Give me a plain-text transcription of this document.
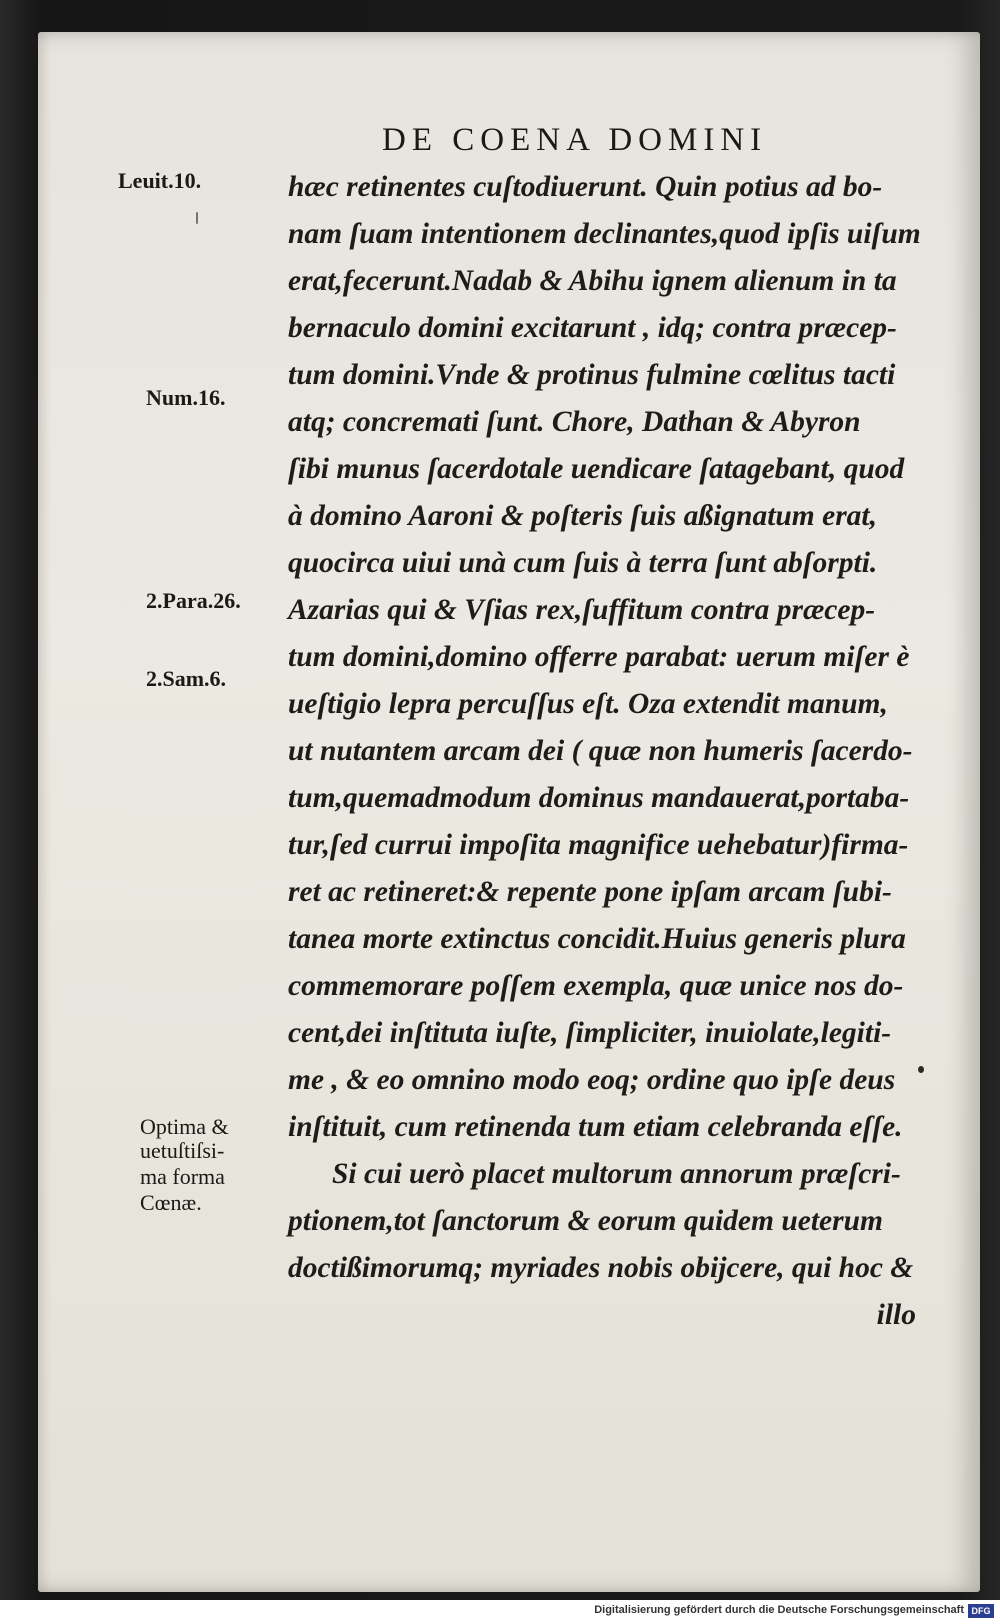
DE COENA DOMINI
Leuit.10.
Num.16.
2.Para.26.
2.Sam.6.
Optima &
uetuſtiſsi-
ma forma
Cœnæ.
hæc retinentes cuſtodiuerunt. Quin potius ad bo-
nam ſuam intentionem declinantes,quod ipſis uiſum
erat,fecerunt.Nadab & Abihu ignem alienum in ta
bernaculo domini excitarunt , idq; contra præcep-
tum domini.Vnde & protinus fulmine cœlitus tacti
atq; concremati ſunt. Chore, Dathan & Abyron
ſibi munus ſacerdotale uendicare ſatagebant, quod
à domino Aaroni & poſteris ſuis aßignatum erat,
quocirca uiui unà cum ſuis à terra ſunt abſorpti.
Azarias qui & Vſias rex,ſuffitum contra præcep-
tum domini,domino offerre parabat: uerum miſer è
ueſtigio lepra percuſſus eſt. Oza extendit manum,
ut nutantem arcam dei ( quæ non humeris ſacerdo-
tum,quemadmodum dominus mandauerat,portaba-
tur,ſed currui impoſita magnifice uehebatur)firma-
ret ac retineret:& repente pone ipſam arcam ſubi-
tanea morte extinctus concidit.Huius generis plura
commemorare poſſem exempla, quæ unice nos do-
cent,dei inſtituta iuſte, ſimpliciter, inuiolate,legiti-
me , & eo omnino modo eoq; ordine quo ipſe deus
inſtituit, cum retinenda tum etiam celebranda eſſe.
Si cui uerò placet multorum annorum præſcri-
ptionem,tot ſanctorum & eorum quidem ueterum
doctißimorumq; myriades nobis obijcere, qui hoc &
illo
Digitalisierung gefördert durch die Deutsche Forschungsgemeinschaft DFG
